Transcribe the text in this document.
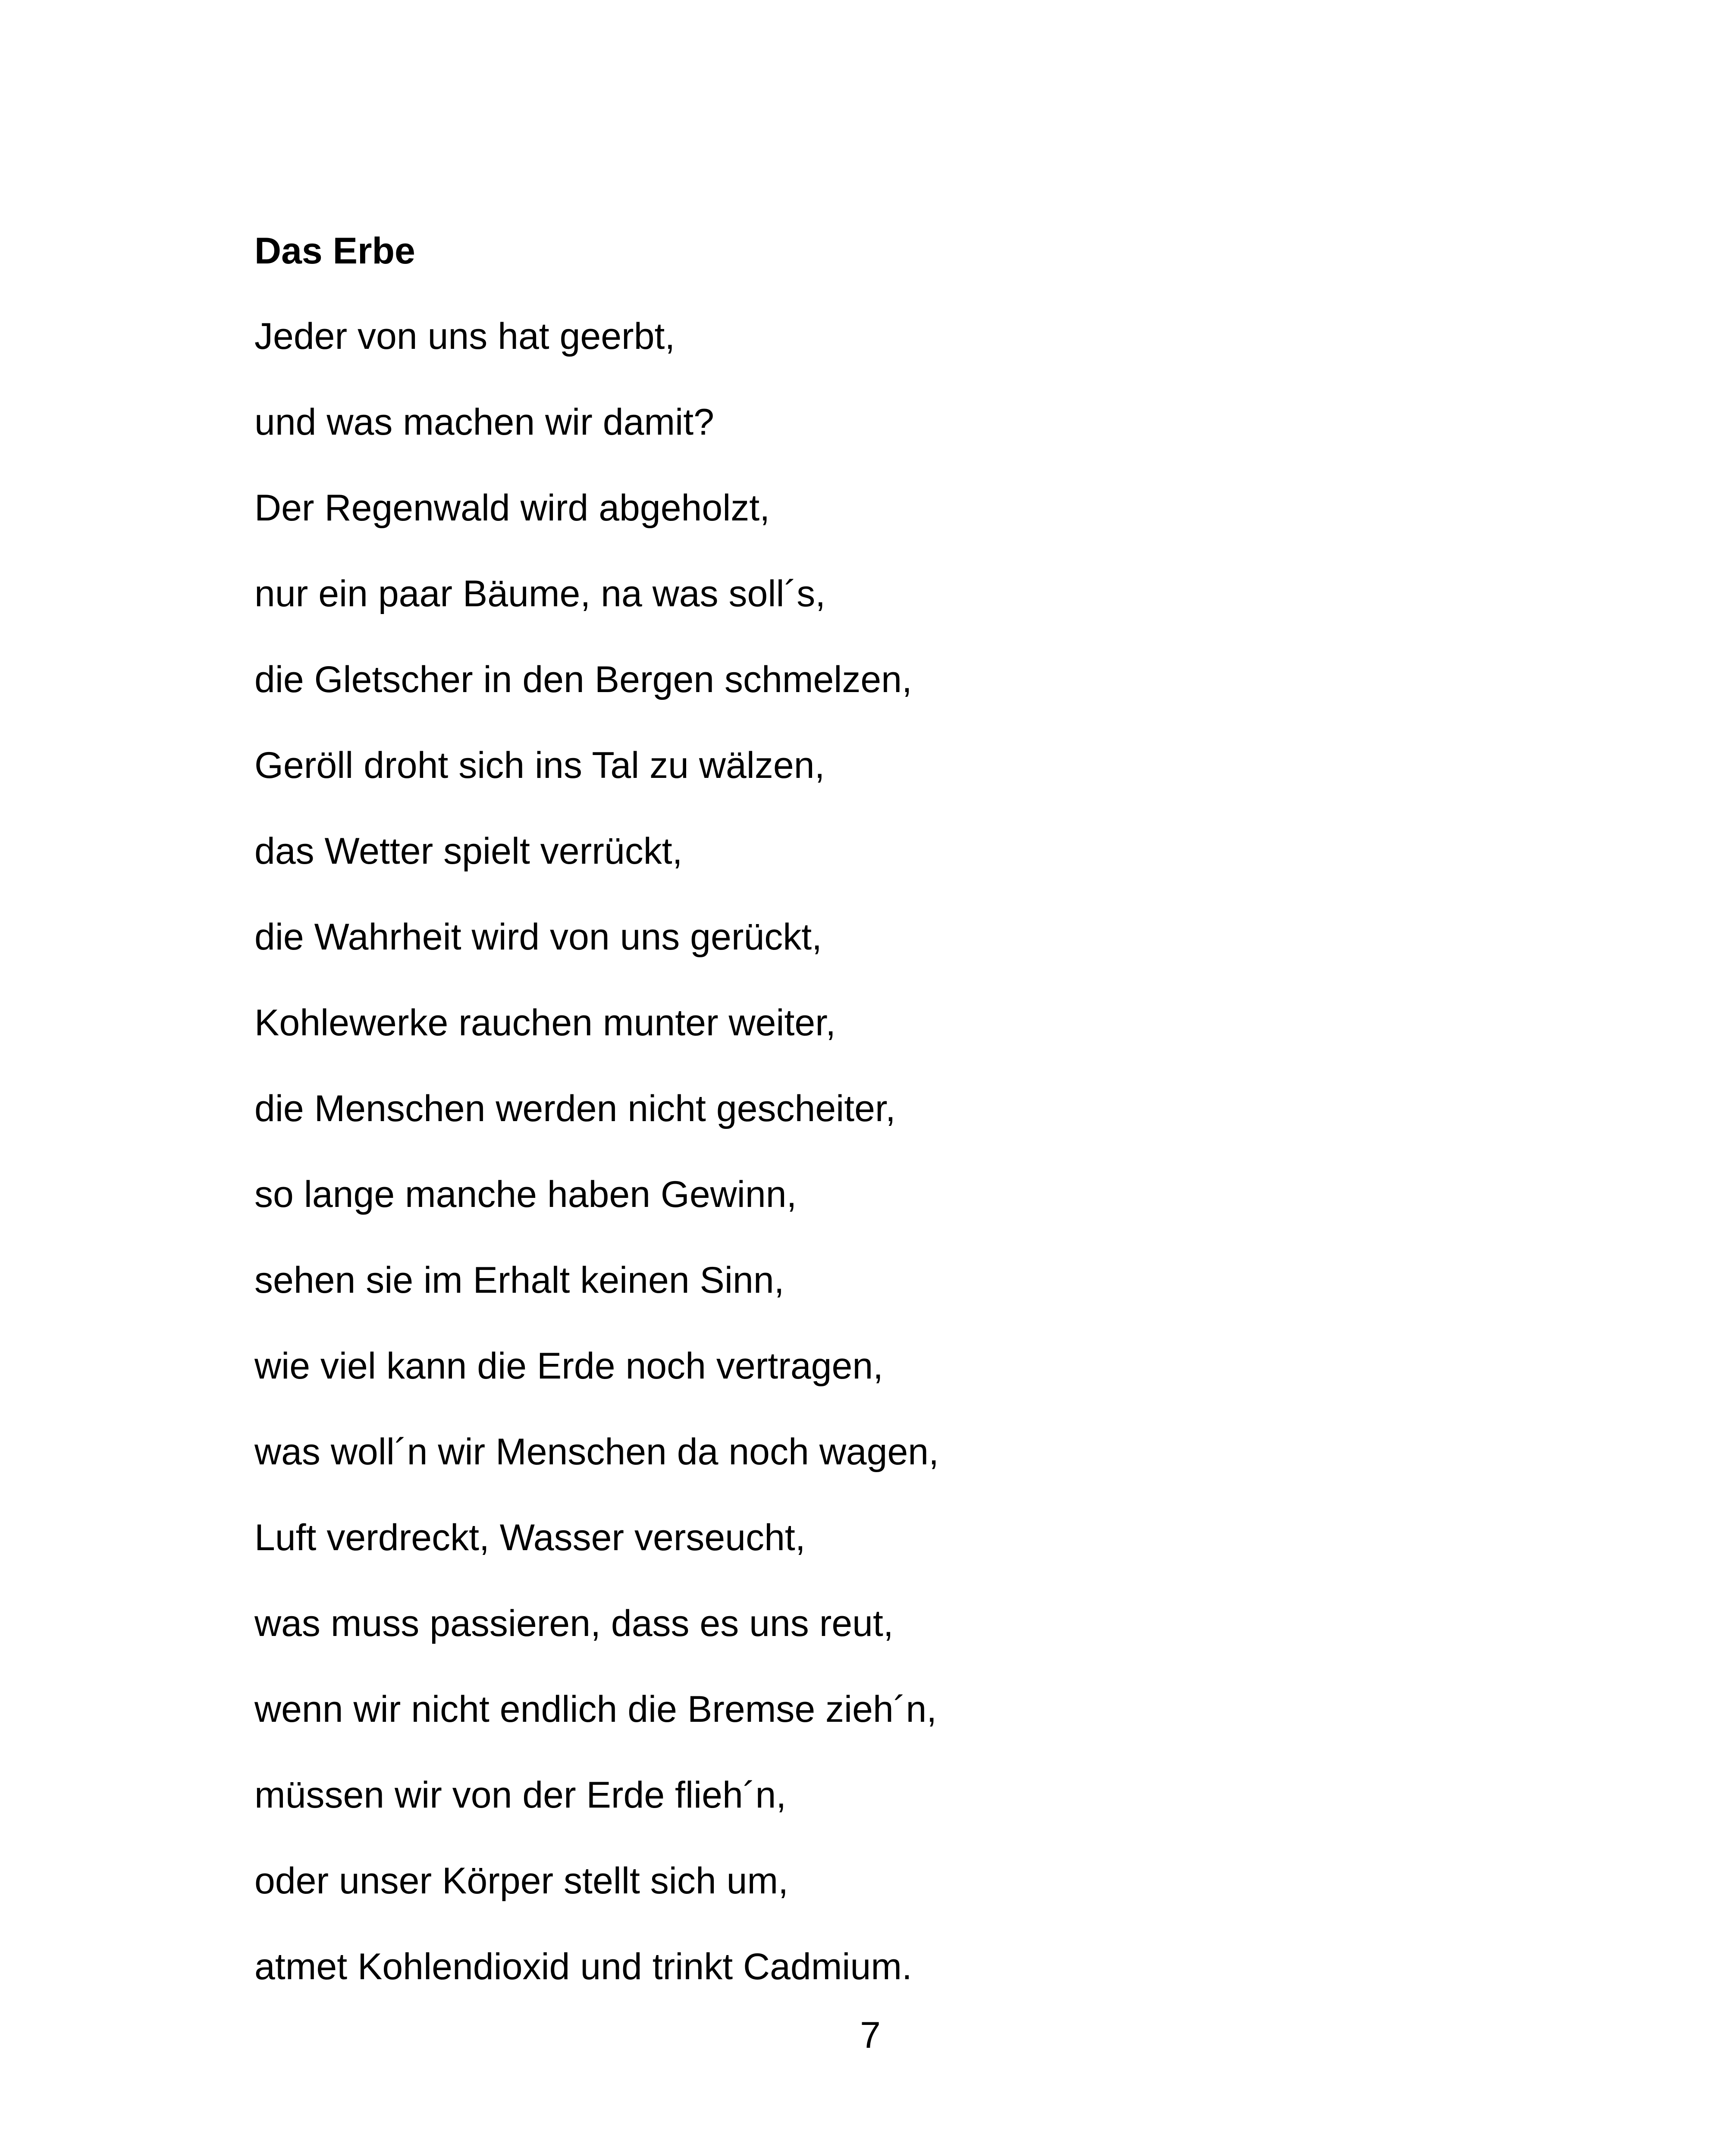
Das Erbe
Jeder von uns hat geerbt,
und was machen wir damit?
Der Regenwald wird abgeholzt,
nur ein paar Bäume, na was soll´s,
die Gletscher in den Bergen schmelzen,
Geröll droht sich ins Tal zu wälzen,
das Wetter spielt verrückt,
die Wahrheit wird von uns gerückt,
Kohlewerke rauchen munter weiter,
die Menschen werden nicht gescheiter,
so lange manche haben Gewinn,
sehen sie im Erhalt keinen Sinn,
wie viel kann die Erde noch vertragen,
was woll´n wir Menschen da noch wagen,
Luft verdreckt, Wasser verseucht,
was muss passieren, dass es uns reut,
wenn wir nicht endlich die Bremse zieh´n,
müssen wir von der Erde flieh´n,
oder unser Körper stellt sich um,
atmet Kohlendioxid und trinkt Cadmium.
7
